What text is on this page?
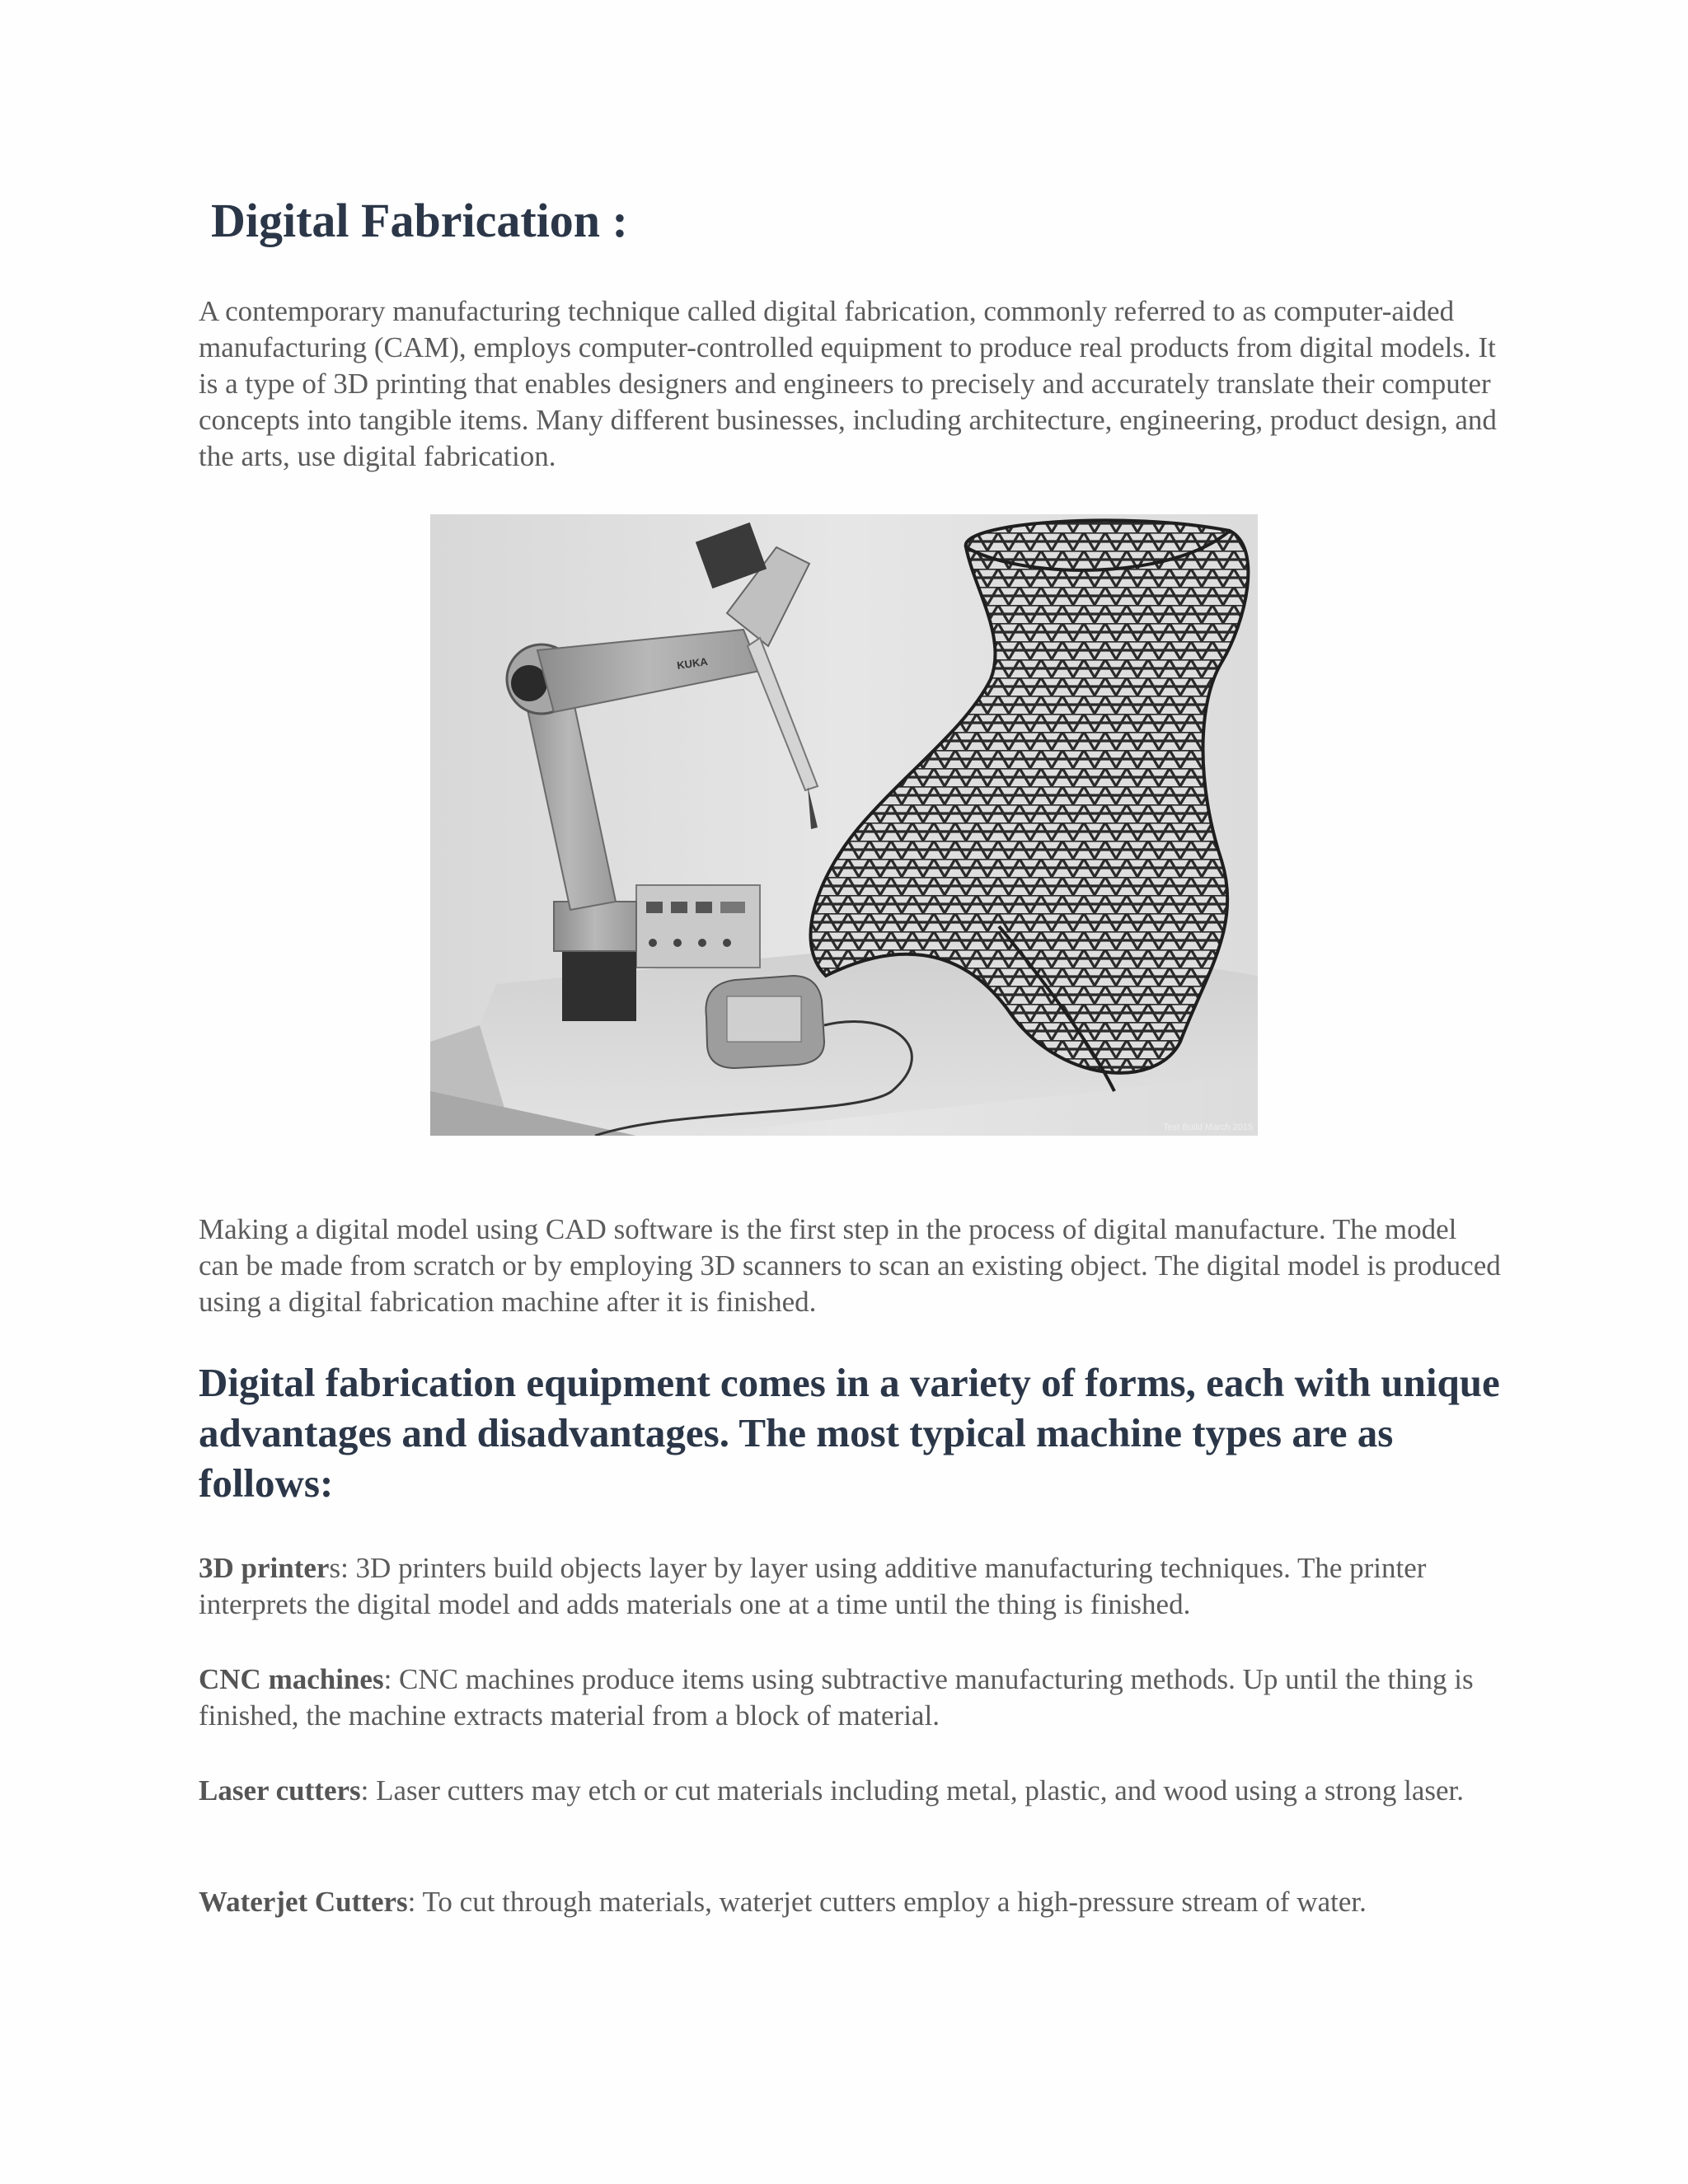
Digital Fabrication :

A contemporary manufacturing technique called digital fabrication, commonly referred to as computer-aided manufacturing (CAM), employs computer-controlled equipment to produce real products from digital models. It is a type of 3D printing that enables designers and engineers to precisely and accurately translate their computer concepts into tangible items. Many different businesses, including architecture, engineering, product design, and the arts, use digital fabrication.

KUKA
Test Build March 2015

Making a digital model using CAD software is the first step in the process of digital manufacture. The model can be made from scratch or by employing 3D scanners to scan an existing object. The digital model is produced using a digital fabrication machine after it is finished.

Digital fabrication equipment comes in a variety of forms, each with unique advantages and disadvantages. The most typical machine types are as follows:

3D printers: 3D printers build objects layer by layer using additive manufacturing techniques. The printer interprets the digital model and adds materials one at a time until the thing is finished.

CNC machines: CNC machines produce items using subtractive manufacturing methods. Up until the thing is finished, the machine extracts material from a block of material.

Laser cutters: Laser cutters may etch or cut materials including metal, plastic, and wood using a strong laser.

Waterjet Cutters: To cut through materials, waterjet cutters employ a high-pressure stream of water.
